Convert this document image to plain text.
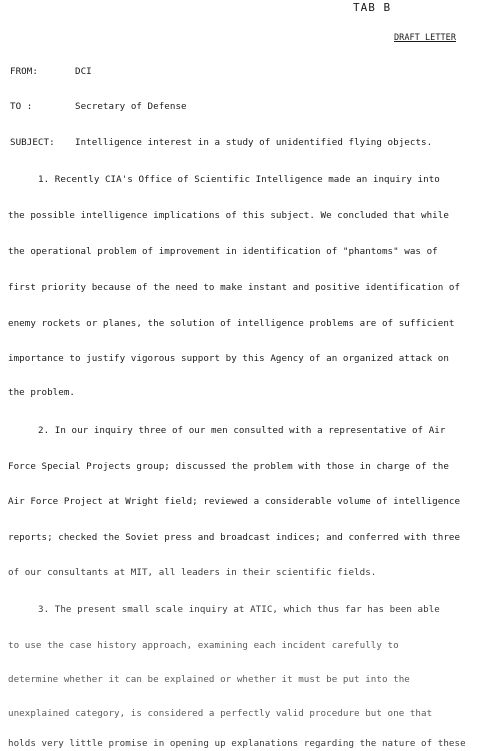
TAB B
DRAFT LETTER
FROM:	DCI
TO :	Secretary of Defense
SUBJECT: Intelligence interest in a study of unidentified flying objects.
1. Recently CIA's Office of Scientific Intelligence made an inquiry into
the possible intelligence implications of this subject. We concluded that while
the operational problem of improvement in identification of "phantoms" was of
first priority because of the need to make instant and positive identification of
enemy rockets or planes, the solution of intelligence problems are of sufficient
importance to justify vigorous support by this Agency of an organized attack on
the problem.
2. In our inquiry three of our men consulted with a representative of Air
Force Special Projects group; discussed the problem with those in charge of the
Air Force Project at Wright field; reviewed a considerable volume of intelligence
reports; checked the Soviet press and broadcast indices; and conferred with three
of our consultants at MIT, all leaders in their scientific fields.
3. The present small scale inquiry at ATIC, which thus far has been able
to use the case history approach, examining each incident carefully to
determine whether it can be explained or whether it must be put into the
unexplained category, is considered a perfectly valid procedure but one that
holds very little promise in opening up explanations regarding the nature of these
